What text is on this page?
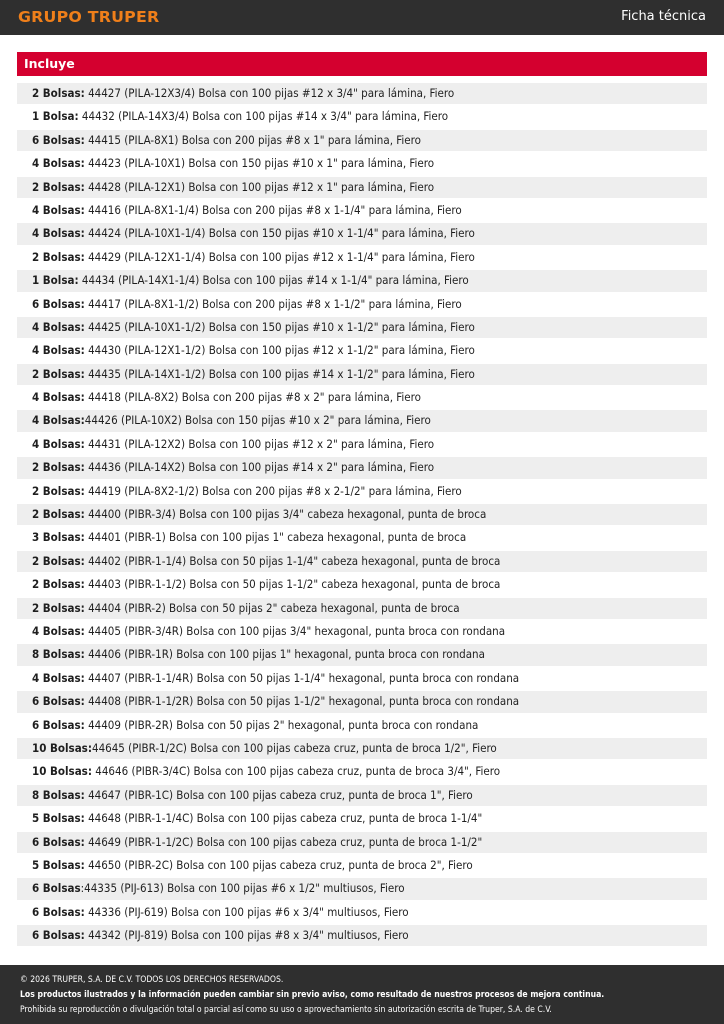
GRUPO TRUPER	Ficha técnica
Incluye
2 Bolsas: 44427 (PILA-12X3/4) Bolsa con 100 pijas #12 x 3/4" para lámina, Fiero
1 Bolsa: 44432 (PILA-14X3/4) Bolsa con 100 pijas #14 x 3/4" para lámina, Fiero
6 Bolsas: 44415 (PILA-8X1) Bolsa con 200 pijas #8 x 1" para lámina, Fiero
4 Bolsas: 44423 (PILA-10X1) Bolsa con 150 pijas #10 x 1" para lámina, Fiero
2 Bolsas: 44428 (PILA-12X1) Bolsa con 100 pijas #12 x 1" para lámina, Fiero
4 Bolsas: 44416 (PILA-8X1-1/4) Bolsa con 200 pijas #8 x 1-1/4" para lámina, Fiero
4 Bolsas: 44424 (PILA-10X1-1/4) Bolsa con 150 pijas #10 x 1-1/4" para lámina, Fiero
2 Bolsas: 44429 (PILA-12X1-1/4) Bolsa con 100 pijas #12 x 1-1/4" para lámina, Fiero
1 Bolsa: 44434 (PILA-14X1-1/4) Bolsa con 100 pijas #14 x 1-1/4" para lámina, Fiero
6 Bolsas: 44417 (PILA-8X1-1/2) Bolsa con 200 pijas #8 x 1-1/2" para lámina, Fiero
4 Bolsas: 44425 (PILA-10X1-1/2) Bolsa con 150 pijas #10 x 1-1/2" para lámina, Fiero
4 Bolsas: 44430 (PILA-12X1-1/2) Bolsa con 100 pijas #12 x 1-1/2" para lámina, Fiero
2 Bolsas: 44435 (PILA-14X1-1/2) Bolsa con 100 pijas #14 x 1-1/2" para lámina, Fiero
4 Bolsas: 44418 (PILA-8X2) Bolsa con 200 pijas #8 x 2" para lámina, Fiero
4 Bolsas:44426 (PILA-10X2) Bolsa con 150 pijas #10 x 2" para lámina, Fiero
4 Bolsas: 44431 (PILA-12X2) Bolsa con 100 pijas #12 x 2" para lámina, Fiero
2 Bolsas: 44436 (PILA-14X2) Bolsa con 100 pijas #14 x 2" para lámina, Fiero
2 Bolsas: 44419 (PILA-8X2-1/2) Bolsa con 200 pijas #8 x 2-1/2" para lámina, Fiero
2 Bolsas: 44400 (PIBR-3/4) Bolsa con 100 pijas 3/4" cabeza hexagonal, punta de broca
3 Bolsas: 44401 (PIBR-1) Bolsa con 100 pijas 1" cabeza hexagonal, punta de broca
2 Bolsas: 44402 (PIBR-1-1/4) Bolsa con 50 pijas 1-1/4" cabeza hexagonal, punta de broca
2 Bolsas: 44403 (PIBR-1-1/2) Bolsa con 50 pijas 1-1/2" cabeza hexagonal, punta de broca
2 Bolsas: 44404 (PIBR-2) Bolsa con 50 pijas 2" cabeza hexagonal, punta de broca
4 Bolsas: 44405 (PIBR-3/4R) Bolsa con 100 pijas 3/4" hexagonal, punta broca con rondana
8 Bolsas: 44406 (PIBR-1R) Bolsa con 100 pijas 1" hexagonal, punta broca con rondana
4 Bolsas: 44407 (PIBR-1-1/4R) Bolsa con 50 pijas 1-1/4" hexagonal, punta broca con rondana
6 Bolsas: 44408 (PIBR-1-1/2R) Bolsa con 50 pijas 1-1/2" hexagonal, punta broca con rondana
6 Bolsas: 44409 (PIBR-2R) Bolsa con 50 pijas 2" hexagonal, punta broca con rondana
10 Bolsas:44645 (PIBR-1/2C) Bolsa con 100 pijas cabeza cruz, punta de broca 1/2", Fiero
10 Bolsas: 44646 (PIBR-3/4C) Bolsa con 100 pijas cabeza cruz, punta de broca 3/4", Fiero
8 Bolsas: 44647 (PIBR-1C) Bolsa con 100 pijas cabeza cruz, punta de broca 1", Fiero
5 Bolsas: 44648 (PIBR-1-1/4C) Bolsa con 100 pijas cabeza cruz, punta de broca 1-1/4"
6 Bolsas: 44649 (PIBR-1-1/2C) Bolsa con 100 pijas cabeza cruz, punta de broca 1-1/2"
5 Bolsas: 44650 (PIBR-2C) Bolsa con 100 pijas cabeza cruz, punta de broca 2", Fiero
6 Bolsas:44335 (PIJ-613) Bolsa con 100 pijas #6 x 1/2" multiusos, Fiero
6 Bolsas: 44336 (PIJ-619) Bolsa con 100 pijas #6 x 3/4" multiusos, Fiero
6 Bolsas: 44342 (PIJ-819) Bolsa con 100 pijas #8 x 3/4" multiusos, Fiero
© 2026 TRUPER, S.A. DE C.V. TODOS LOS DERECHOS RESERVADOS.
Los productos ilustrados y la información pueden cambiar sin previo aviso, como resultado de nuestros procesos de mejora continua.
Prohibida su reproducción o divulgación total o parcial así como su uso o aprovechamiento sin autorización escrita de Truper, S.A. de C.V.
